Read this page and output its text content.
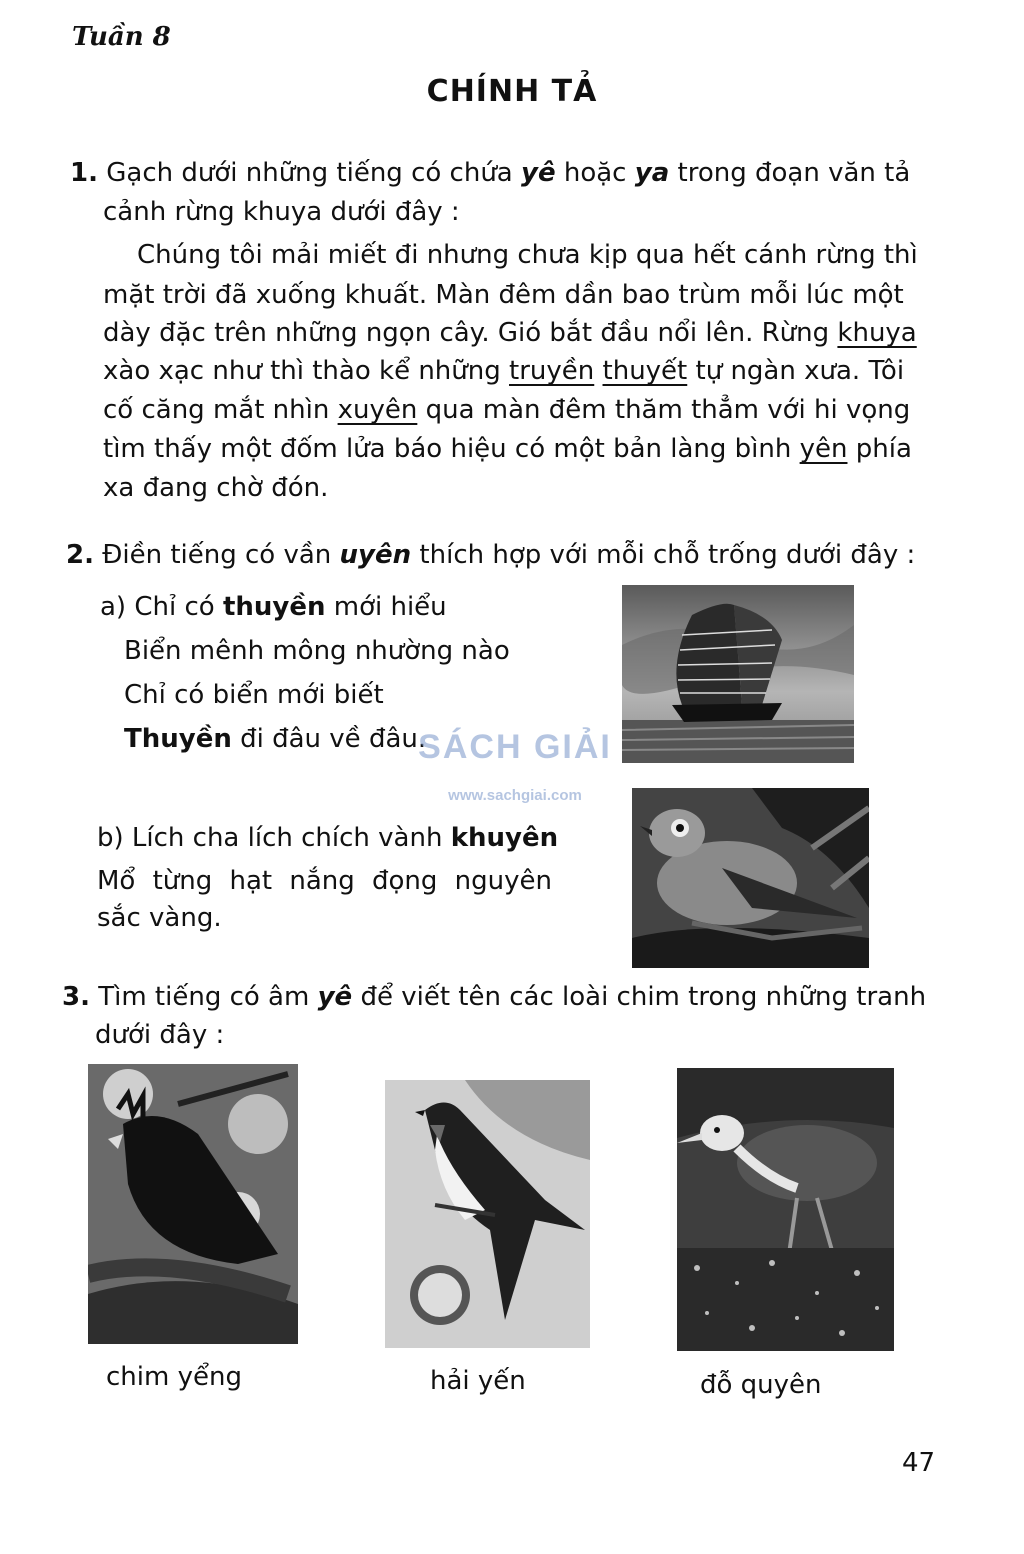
Tuần 8
CHÍNH TẢ
1. Gạch dưới những tiếng có chứa yê hoặc ya trong đoạn văn tả
cảnh rừng khuya dưới đây :
Chúng tôi mải miết đi nhưng chưa kịp qua hết cánh rừng thì
mặt trời đã xuống khuất. Màn đêm dần bao trùm mỗi lúc một
dày đặc trên những ngọn cây. Gió bắt đầu nổi lên. Rừng khuya
xào xạc như thì thào kể những truyền thuyết tự ngàn xưa. Tôi
cố căng mắt nhìn xuyên qua màn đêm thăm thẳm với hi vọng
tìm thấy một đốm lửa báo hiệu có một bản làng bình yên phía
xa đang chờ đón.
2. Điền tiếng có vần uyên thích hợp với mỗi chỗ trống dưới đây :
a) Chỉ có thuyền mới hiểu
Biển mênh mông nhường nào
Chỉ có biển mới biết
Thuyền đi đâu về đâu.
SÁCH GIẢI
www.sachgiai.com
b) Lích cha lích chích vành khuyên
Mổ từng hạt nắng đọng nguyên
sắc vàng.
3. Tìm tiếng có âm yê để viết tên các loài chim trong những tranh
dưới đây :
chim yểng	hải yến	đỗ quyên
47
